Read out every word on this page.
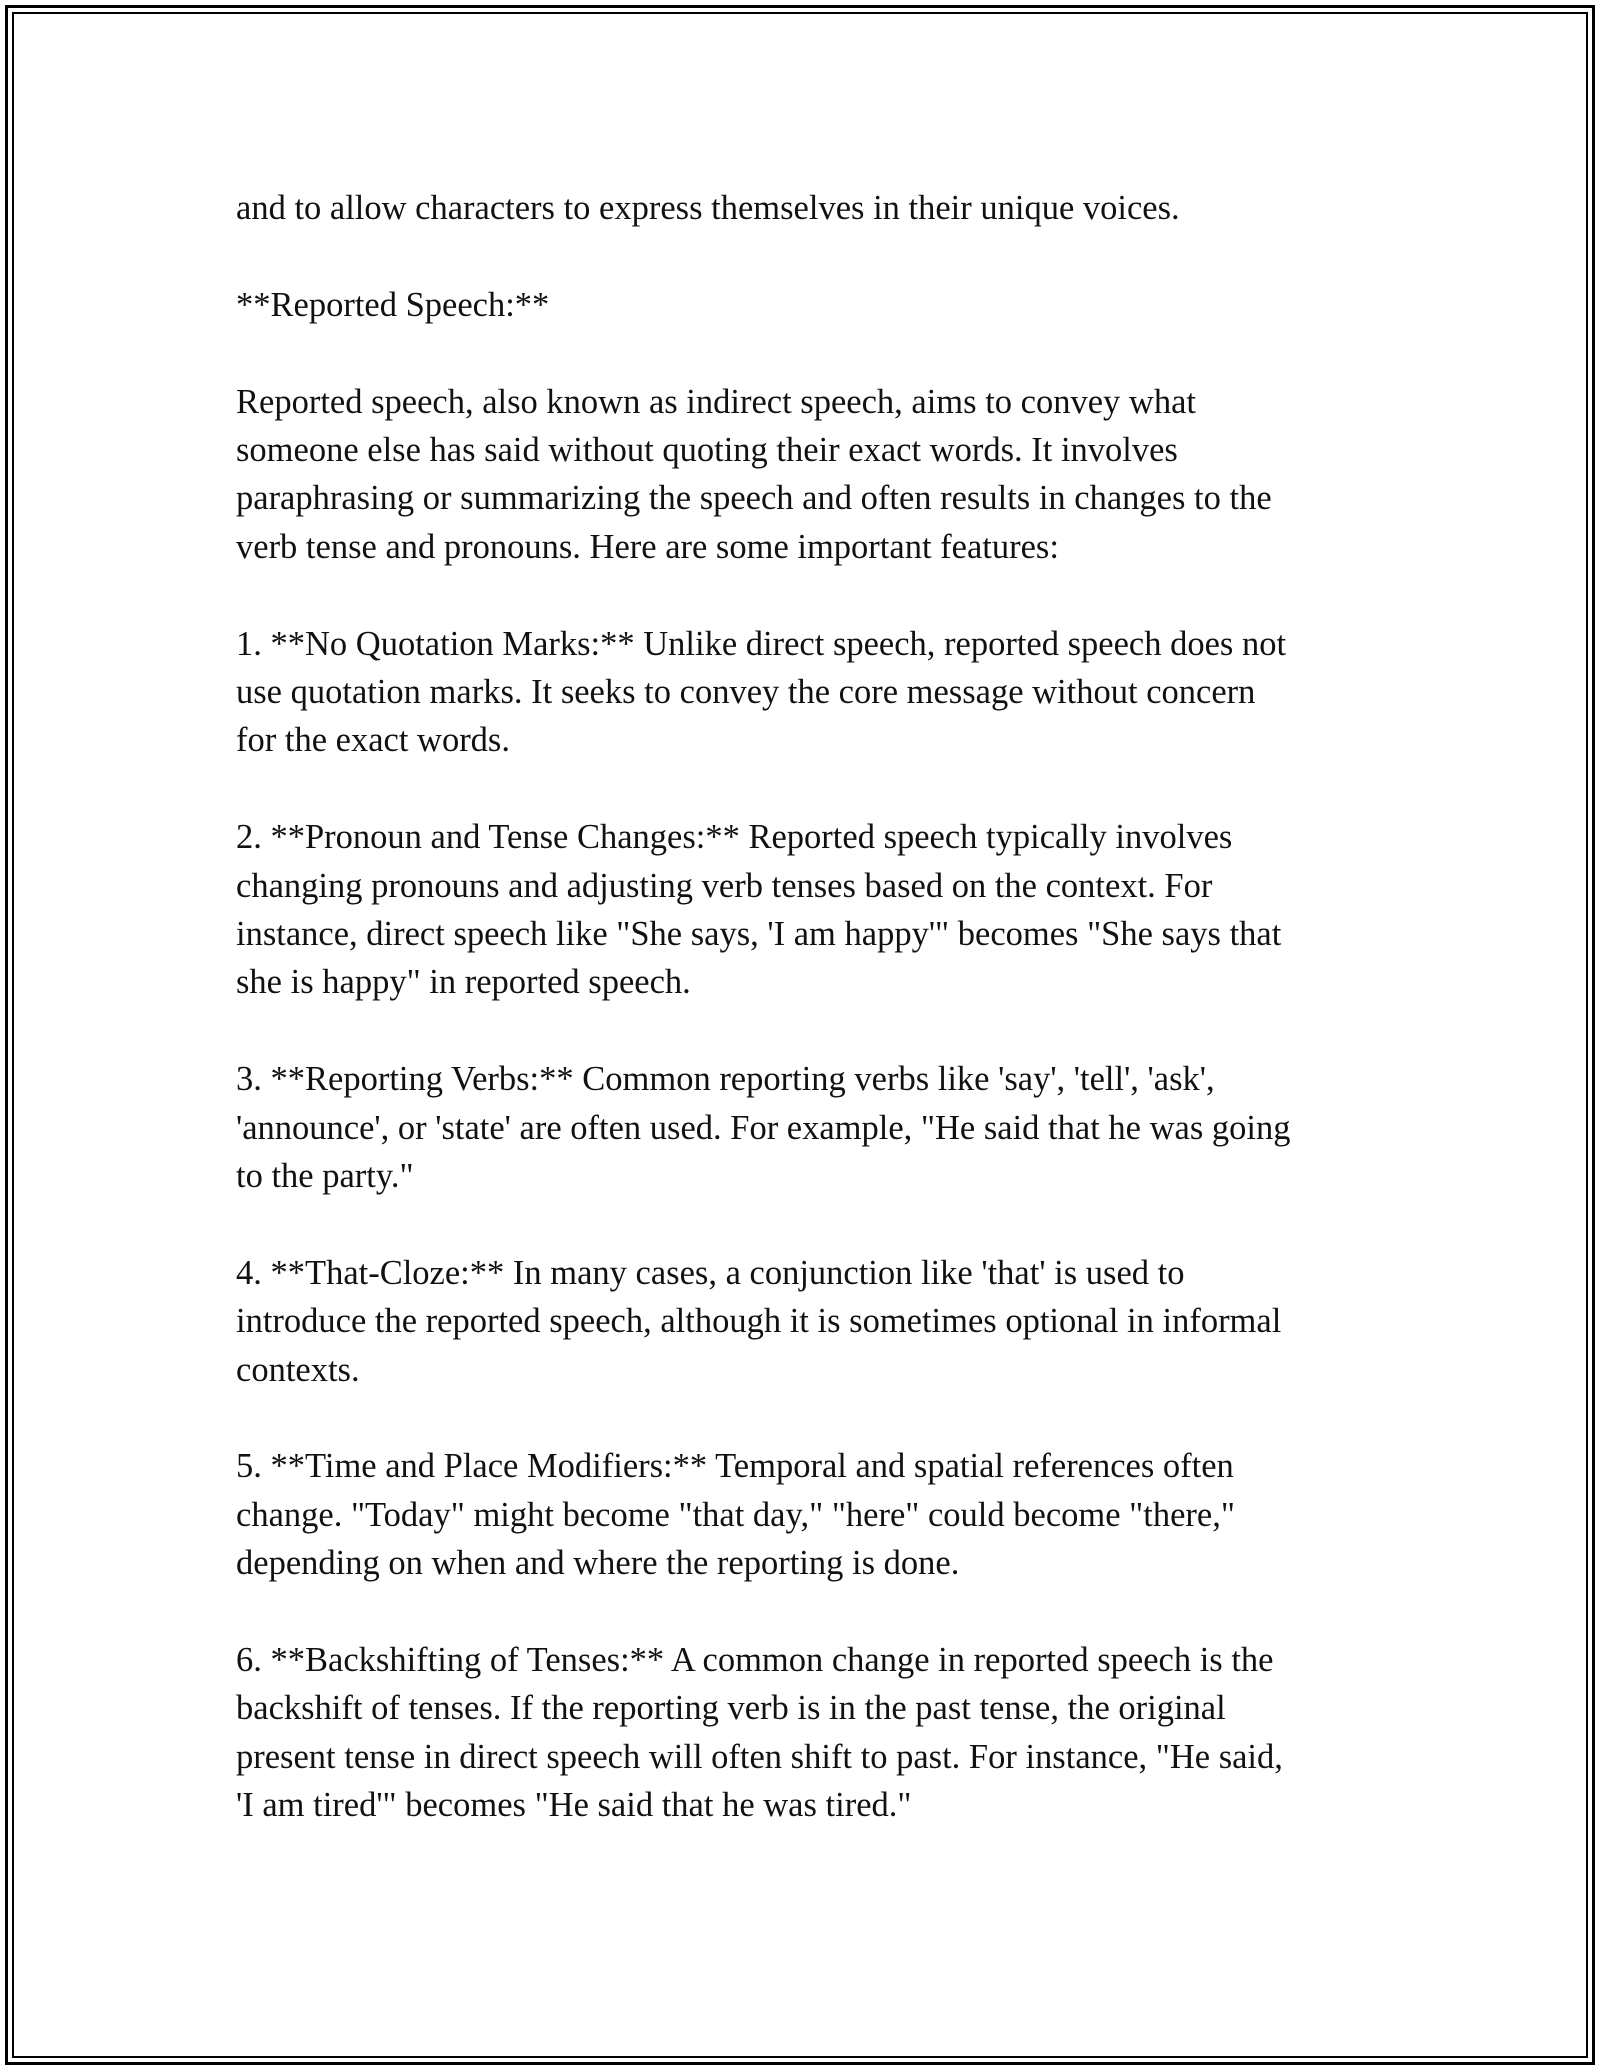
and to allow characters to express themselves in their unique voices.

**Reported Speech:**

Reported speech, also known as indirect speech, aims to convey what
someone else has said without quoting their exact words. It involves
paraphrasing or summarizing the speech and often results in changes to the
verb tense and pronouns. Here are some important features:

1. **No Quotation Marks:** Unlike direct speech, reported speech does not
use quotation marks. It seeks to convey the core message without concern
for the exact words.

2. **Pronoun and Tense Changes:** Reported speech typically involves
changing pronouns and adjusting verb tenses based on the context. For
instance, direct speech like "She says, 'I am happy'" becomes "She says that
she is happy" in reported speech.

3. **Reporting Verbs:** Common reporting verbs like 'say', 'tell', 'ask',
'announce', or 'state' are often used. For example, "He said that he was going
to the party."

4. **That-Cloze:** In many cases, a conjunction like 'that' is used to
introduce the reported speech, although it is sometimes optional in informal
contexts.

5. **Time and Place Modifiers:** Temporal and spatial references often
change. "Today" might become "that day," "here" could become "there,"
depending on when and where the reporting is done.

6. **Backshifting of Tenses:** A common change in reported speech is the
backshift of tenses. If the reporting verb is in the past tense, the original
present tense in direct speech will often shift to past. For instance, "He said,
'I am tired'" becomes "He said that he was tired."
